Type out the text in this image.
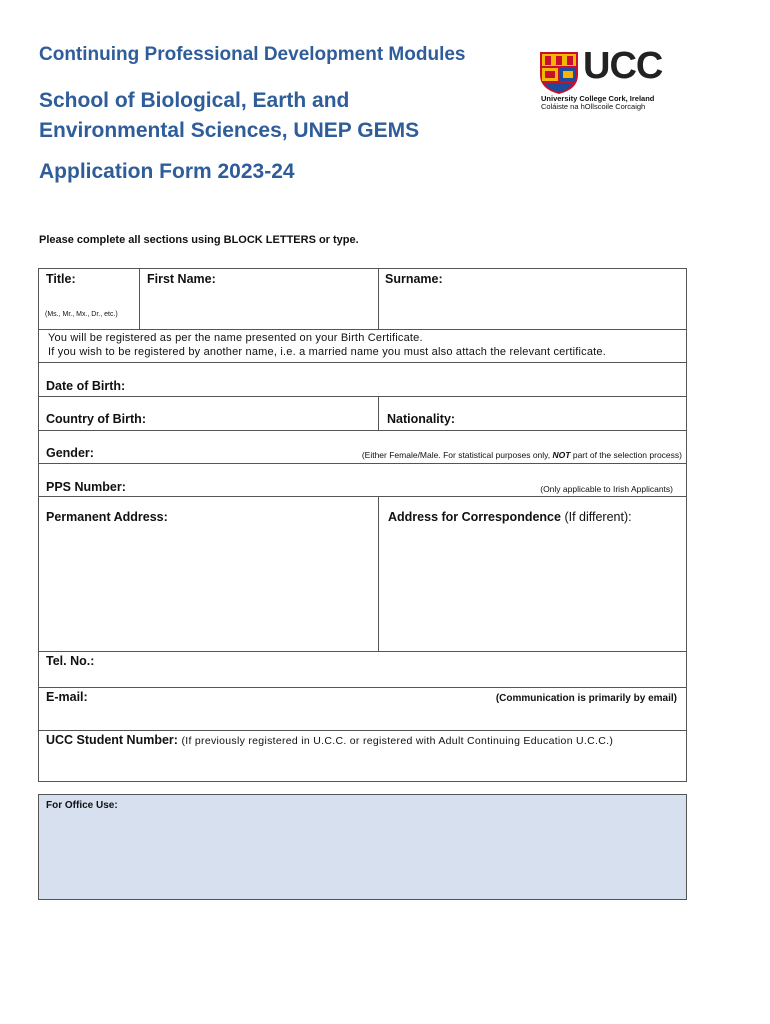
Continuing Professional Development Modules
School of Biological, Earth and
Environmental Sciences, UNEP GEMS
Application Form 2023-24
UCC
University College Cork, Ireland
Coláiste na hOllscoile Corcaigh
Please complete all sections using BLOCK LETTERS or type.
Title:
(Ms., Mr., Mx., Dr., etc.)
First Name:	Surname:
You will be registered as per the name presented on your Birth Certificate.
If you wish to be registered by another name, i.e. a married name you must also attach the relevant certificate.
Date of Birth:
Country of Birth:	Nationality:
Gender:	(Either Female/Male. For statistical purposes only, NOT part of the selection process)
PPS Number:	(Only applicable to Irish Applicants)
Permanent Address:	Address for Correspondence (If different):
Tel. No.:
E-mail:	(Communication is primarily by email)
UCC Student Number: (If previously registered in U.C.C. or registered with Adult Continuing Education U.C.C.)
For Office Use:
